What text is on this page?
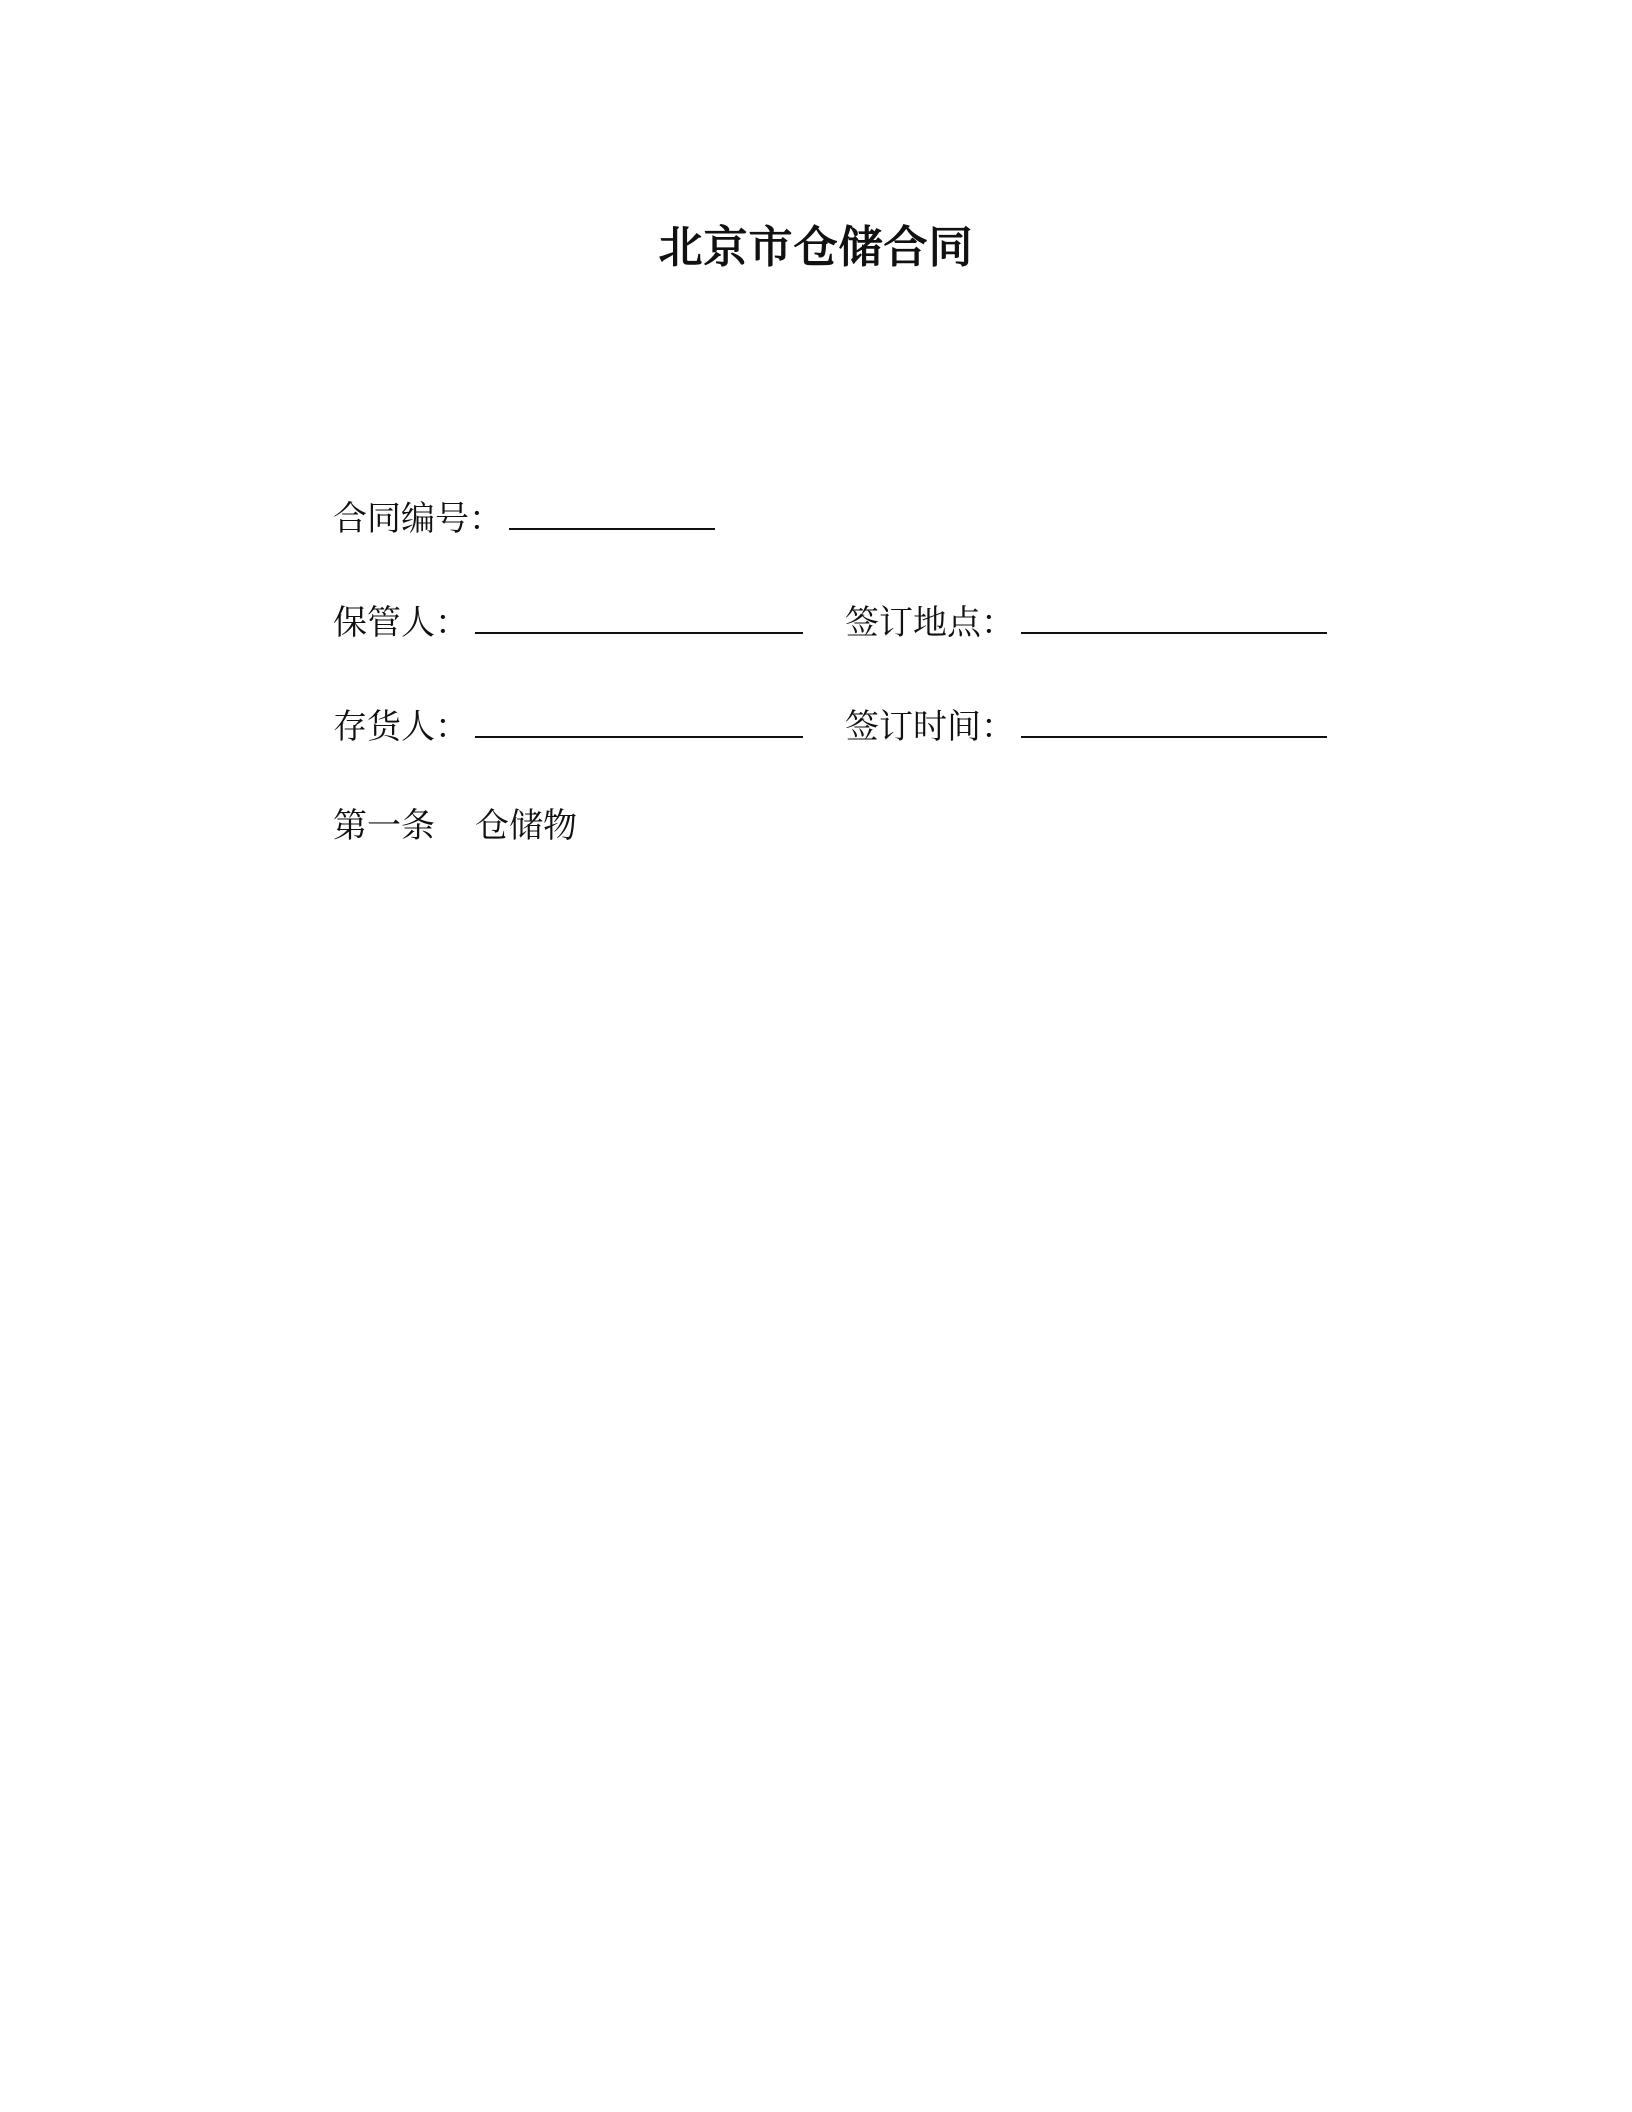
北京市仓储合同
合同编号：
保管人：	签订地点：
存货人：	签订时间：
第一条 仓储物
